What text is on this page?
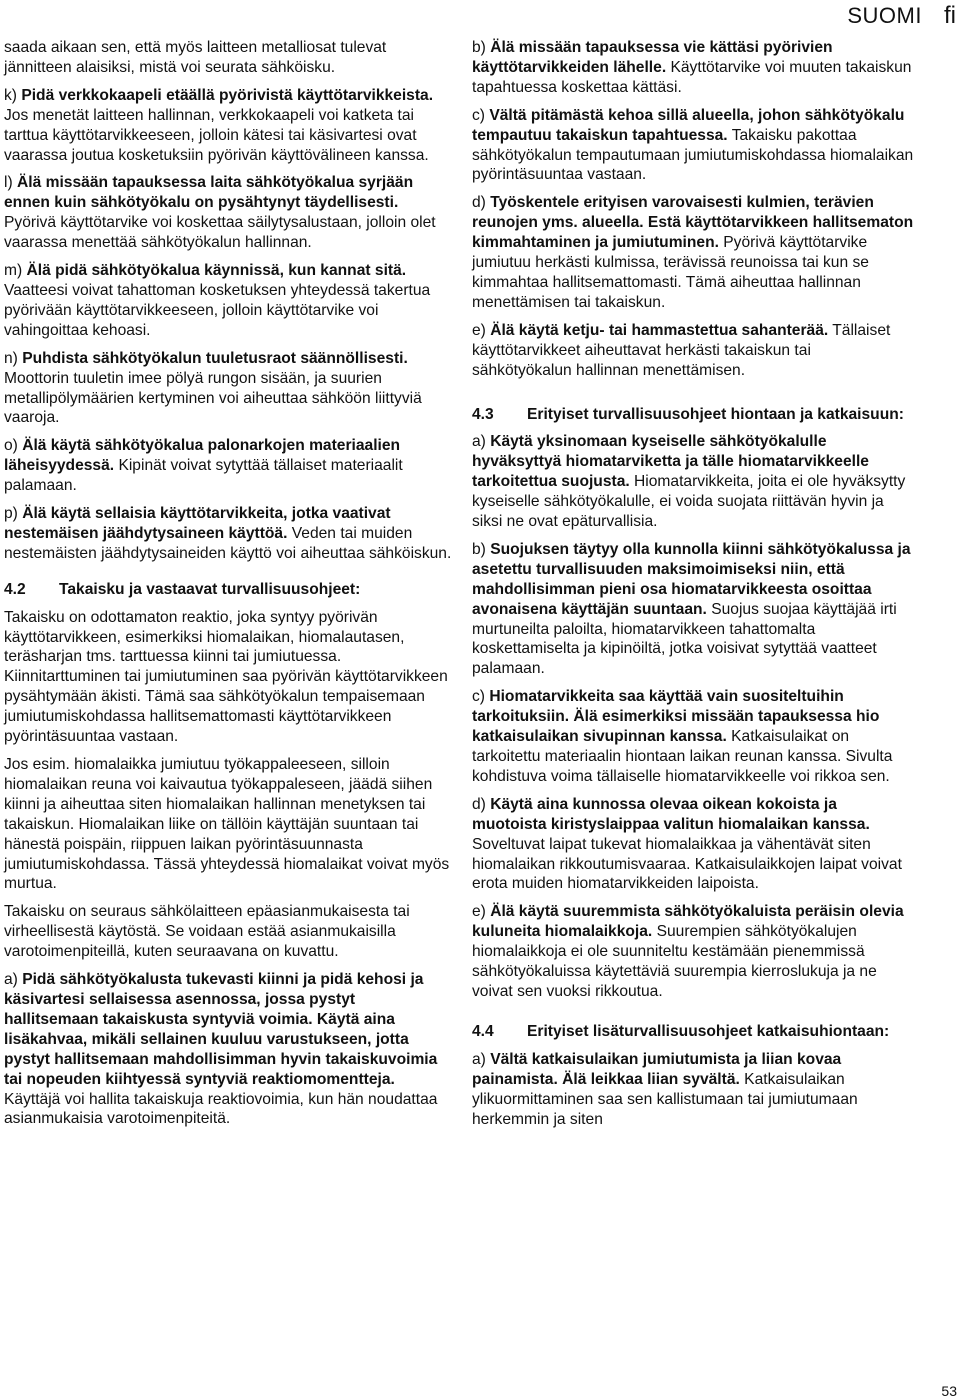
SUOMI fi

saada aikaan sen, että myös laitteen metalliosat tulevat jännitteen alaisiksi, mistä voi seurata sähköisku.

k) Pidä verkkokaapeli etäällä pyörivistä käyttötarvikkeista. Jos menetät laitteen hallinnan, verkkokaapeli voi katketa tai tarttua käyttötarvikkeeseen, jolloin kätesi tai käsivartesi ovat vaarassa joutua kosketuksiin pyörivän käyttövälineen kanssa.

l) Älä missään tapauksessa laita sähkötyökalua syrjään ennen kuin sähkötyökalu on pysähtynyt täydellisesti. Pyörivä käyttötarvike voi koskettaa säilytysalustaan, jolloin olet vaarassa menettää sähkötyökalun hallinnan.

m) Älä pidä sähkötyökalua käynnissä, kun kannat sitä. Vaatteesi voivat tahattoman kosketuksen yhteydessä takertua pyörivään käyttötarvikkeeseen, jolloin käyttötarvike voi vahingoittaa kehoasi.

n) Puhdista sähkötyökalun tuuletusraot säännöllisesti. Moottorin tuuletin imee pölyä rungon sisään, ja suurien metallipölymäärien kertyminen voi aiheuttaa sähköön liittyviä vaaroja.

o) Älä käytä sähkötyökalua palonarkojen materiaalien läheisyydessä. Kipinät voivat sytyttää tällaiset materiaalit palamaan.

p) Älä käytä sellaisia käyttötarvikkeita, jotka vaativat nestemäisen jäähdytysaineen käyttöä. Veden tai muiden nestemäisten jäähdytysaineiden käyttö voi aiheuttaa sähköiskun.

4.2	Takaisku ja vastaavat turvallisuusohjeet:

Takaisku on odottamaton reaktio, joka syntyy pyörivän käyttötarvikkeen, esimerkiksi hiomalaikan, hiomalautasen, teräsharjan tms. tarttuessa kiinni tai jumiutuessa. Kiinnitarttuminen tai jumiutuminen saa pyörivän käyttötarvikkeen pysähtymään äkisti. Tämä saa sähkötyökalun tempaisemaan jumiutumiskohdassa hallitsemattomasti käyttötarvikkeen pyörintäsuuntaa vastaan.

Jos esim. hiomalaikka jumiutuu työkappaleeseen, silloin hiomalaikan reuna voi kaivautua työkappaleseen, jäädä siihen kiinni ja aiheuttaa siten hiomalaikan hallinnan menetyksen tai takaiskun. Hiomalaikan liike on tällöin käyttäjän suuntaan tai hänestä poispäin, riippuen laikan pyörintäsuunnasta jumiutumiskohdassa. Tässä yhteydessä hiomalaikat voivat myös murtua.

Takaisku on seuraus sähkölaitteen epäasianmukaisesta tai virheellisestä käytöstä. Se voidaan estää asianmukaisilla varotoimenpiteillä, kuten seuraavana on kuvattu.

a) Pidä sähkötyökalusta tukevasti kiinni ja pidä kehosi ja käsivartesi sellaisessa asennossa, jossa pystyt hallitsemaan takaiskusta syntyviä voimia. Käytä aina lisäkahvaa, mikäli sellainen kuuluu varustukseen, jotta pystyt hallitsemaan mahdollisimman hyvin takaiskuvoimia tai nopeuden kiihtyessä syntyviä reaktiomomentteja. Käyttäjä voi hallita takaiskuja reaktiovoimia, kun hän noudattaa asianmukaisia varotoimenpiteitä.

b) Älä missään tapauksessa vie kättäsi pyörivien käyttötarvikkeiden lähelle. Käyttötarvike voi muuten takaiskun tapahtuessa koskettaa kättäsi.

c) Vältä pitämästä kehoa sillä alueella, johon sähkötyökalu tempautuu takaiskun tapahtuessa. Takaisku pakottaa sähkötyökalun tempautumaan jumiutumiskohdassa hiomalaikan pyörintäsuuntaa vastaan.

d) Työskentele erityisen varovaisesti kulmien, terävien reunojen yms. alueella. Estä käyttötarvikkeen hallitsematon kimmahtaminen ja jumiutuminen. Pyörivä käyttötarvike jumiutuu herkästi kulmissa, terävissä reunoissa tai kun se kimmahtaa hallitsemattomasti. Tämä aiheuttaa hallinnan menettämisen tai takaiskun.

e) Älä käytä ketju- tai hammastettua sahanterää. Tällaiset käyttötarvikkeet aiheuttavat herkästi takaiskun tai sähkötyökalun hallinnan menettämisen.

4.3	Erityiset turvallisuusohjeet hiontaan ja katkaisuun:

a) Käytä yksinomaan kyseiselle sähkötyökalulle hyväksyttyä hiomatarviketta ja tälle hiomatarvikkeelle tarkoitettua suojusta. Hiomatarvikkeita, joita ei ole hyväksytty kyseiselle sähkötyökalulle, ei voida suojata riittävän hyvin ja siksi ne ovat epäturvallisia.

b) Suojuksen täytyy olla kunnolla kiinni sähkötyökalussa ja asetettu turvallisuuden maksimoimiseksi niin, että mahdollisimman pieni osa hiomatarvikkeesta osoittaa avonaisena käyttäjän suuntaan. Suojus suojaa käyttäjää irti murtuneilta paloilta, hiomatarvikkeen tahattomalta koskettamiselta ja kipinöiltä, jotka voisivat sytyttää vaatteet palamaan.

c) Hiomatarvikkeita saa käyttää vain suositeltuihin tarkoituksiin. Älä esimerkiksi missään tapauksessa hio katkaisulaikan sivupinnan kanssa. Katkaisulaikat on tarkoitettu materiaalin hiontaan laikan reunan kanssa. Sivulta kohdistuva voima tällaiselle hiomatarvikkeelle voi rikkoa sen.

d) Käytä aina kunnossa olevaa oikean kokoista ja muotoista kiristyslaippaa valitun hiomalaikan kanssa. Soveltuvat laipat tukevat hiomalaikkaa ja vähentävät siten hiomalaikan rikkoutumisvaaraa. Katkaisulaikkojen laipat voivat erota muiden hiomatarvikkeiden laipoista.

e) Älä käytä suuremmista sähkötyökaluista peräisin olevia kuluneita hiomalaikkoja. Suurempien sähkötyökalujen hiomalaikkoja ei ole suunniteltu kestämään pienemmissä sähkötyökaluissa käytettäviä suurempia kierroslukuja ja ne voivat sen vuoksi rikkoutua.

4.4	Erityiset lisäturvallisuusohjeet katkaisuhiontaan:

a) Vältä katkaisulaikan jumiutumista ja liian kovaa painamista. Älä leikkaa liian syvältä. Katkaisulaikan ylikuormittaminen saa sen kallistumaan tai jumiutumaan herkemmin ja siten

53
